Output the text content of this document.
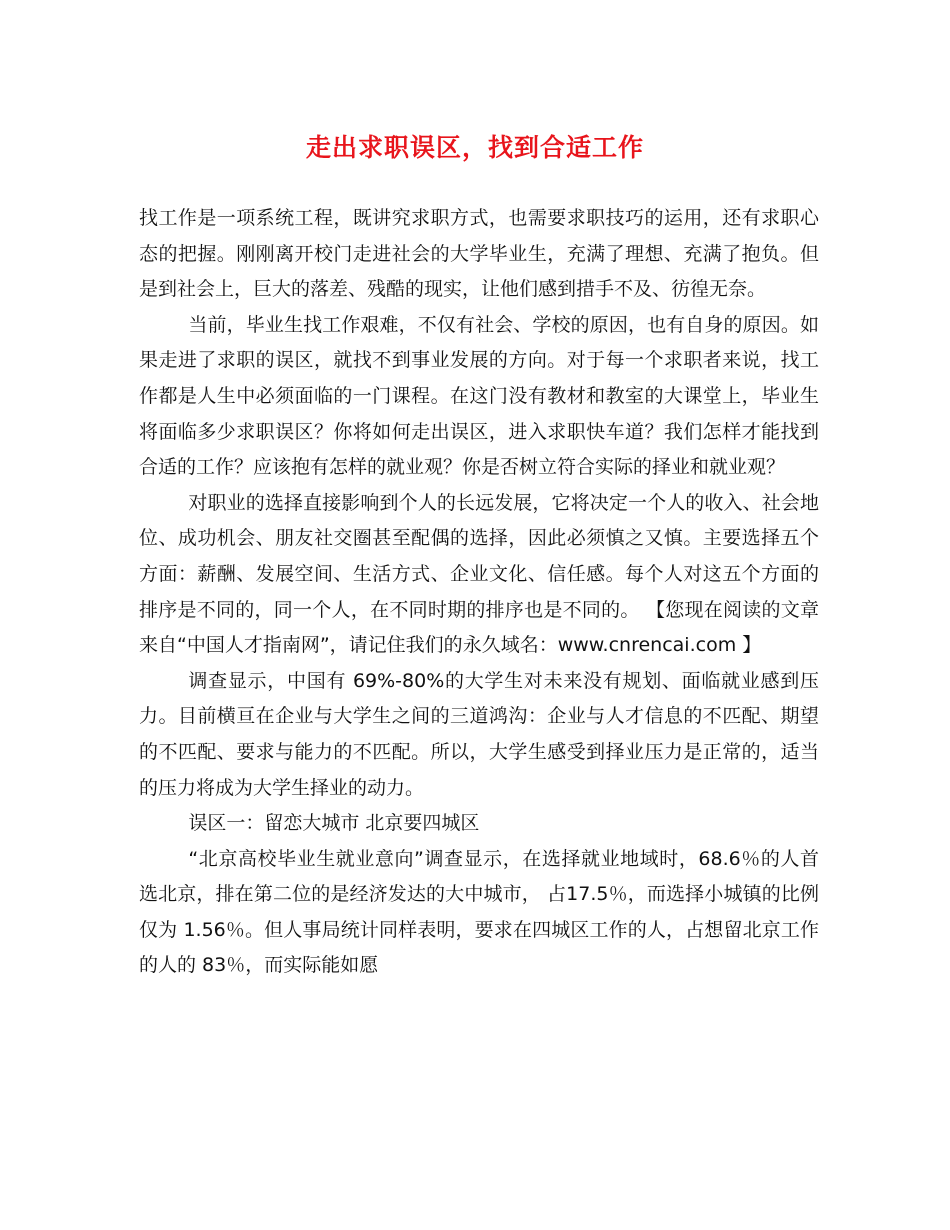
走出求职误区，找到合适工作

找工作是一项系统工程，既讲究求职方式，也需要求职技巧的运用，还有求职心态的把握。刚刚离开校门走进社会的大学毕业生，充满了理想、充满了抱负。但是到社会上，巨大的落差、残酷的现实，让他们感到措手不及、彷徨无奈。

当前，毕业生找工作艰难，不仅有社会、学校的原因，也有自身的原因。如果走进了求职的误区，就找不到事业发展的方向。对于每一个求职者来说，找工作都是人生中必须面临的一门课程。在这门没有教材和教室的大课堂上，毕业生将面临多少求职误区？你将如何走出误区，进入求职快车道？我们怎样才能找到合适的工作？应该抱有怎样的就业观？你是否树立符合实际的择业和就业观？

对职业的选择直接影响到个人的长远发展，它将决定一个人的收入、社会地位、成功机会、朋友社交圈甚至配偶的选择，因此必须慎之又慎。主要选择五个方面：薪酬、发展空间、生活方式、企业文化、信任感。每个人对这五个方面的排序是不同的，同一个人，在不同时期的排序也是不同的。 【您现在阅读的文章来自“中国人才指南网”，请记住我们的永久域名：www.cnrencai.com 】

调查显示，中国有 69%-80%的大学生对未来没有规划、面临就业感到压力。目前横亘在企业与大学生之间的三道鸿沟：企业与人才信息的不匹配、期望的不匹配、要求与能力的不匹配。所以，大学生感受到择业压力是正常的，适当的压力将成为大学生择业的动力。

误区一：留恋大城市 北京要四城区

“北京高校毕业生就业意向”调查显示，在选择就业地域时，68.6％的人首选北京，排在第二位的是经济发达的大中城市， 占17.5％，而选择小城镇的比例仅为 1.56％。但人事局统计同样表明，要求在四城区工作的人，占想留北京工作的人的 83％，而实际能如愿
